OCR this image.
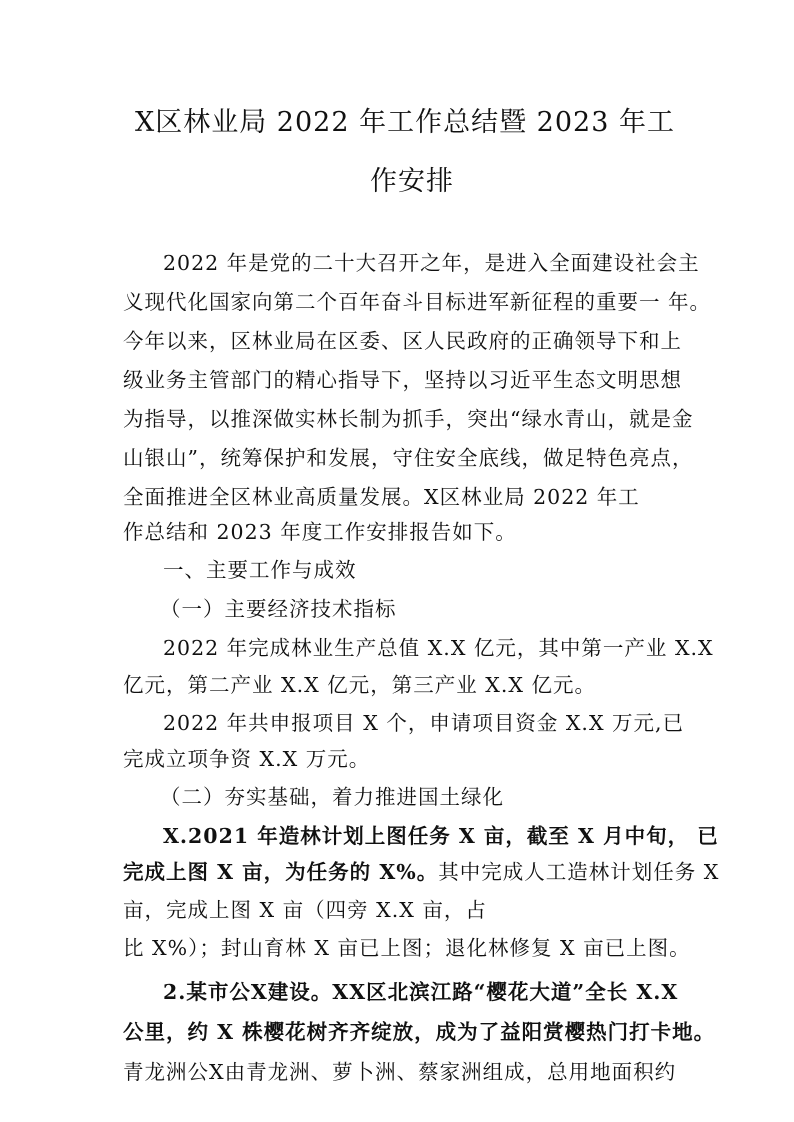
X区林业局 2022 年工作总结暨 2023 年工
作安排
2022 年是党的二十大召开之年，是进入全面建设社会主
义现代化国家向第二个百年奋斗目标进军新征程的重要一 年。
今年以来，区林业局在区委、区人民政府的正确领导下和上
级业务主管部门的精心指导下，坚持以习近平生态文明思想
为指导，以推深做实林长制为抓手，突出“绿水青山，就是金
山银山”，统筹保护和发展，守住安全底线，做足特色亮点，
全面推进全区林业高质量发展。X区林业局 2022 年工
作总结和 2023 年度工作安排报告如下。
一、主要工作与成效
（一）主要经济技术指标
2022 年完成林业生产总值 X.X 亿元，其中第一产业 X.X
亿元，第二产业 X.X 亿元，第三产业 X.X 亿元。
2022 年共申报项目 X 个，申请项目资金 X.X 万元,已
完成立项争资 X.X 万元。
（二）夯实基础，着力推进国土绿化
X.2021 年造林计划上图任务 X 亩，截至 X 月中旬， 已
完成上图 X 亩，为任务的 X%。其中完成人工造林计划任务 X
亩，完成上图 X 亩（四旁 X.X 亩，占
比 X%）；封山育林 X 亩已上图；退化林修复 X 亩已上图。
2.某市公X建设。XX区北滨江路“樱花大道”全长 X.X
公里，约 X 株樱花树齐齐绽放，成为了益阳赏樱热门打卡地。
青龙洲公X由青龙洲、萝卜洲、蔡家洲组成，总用地面积约
